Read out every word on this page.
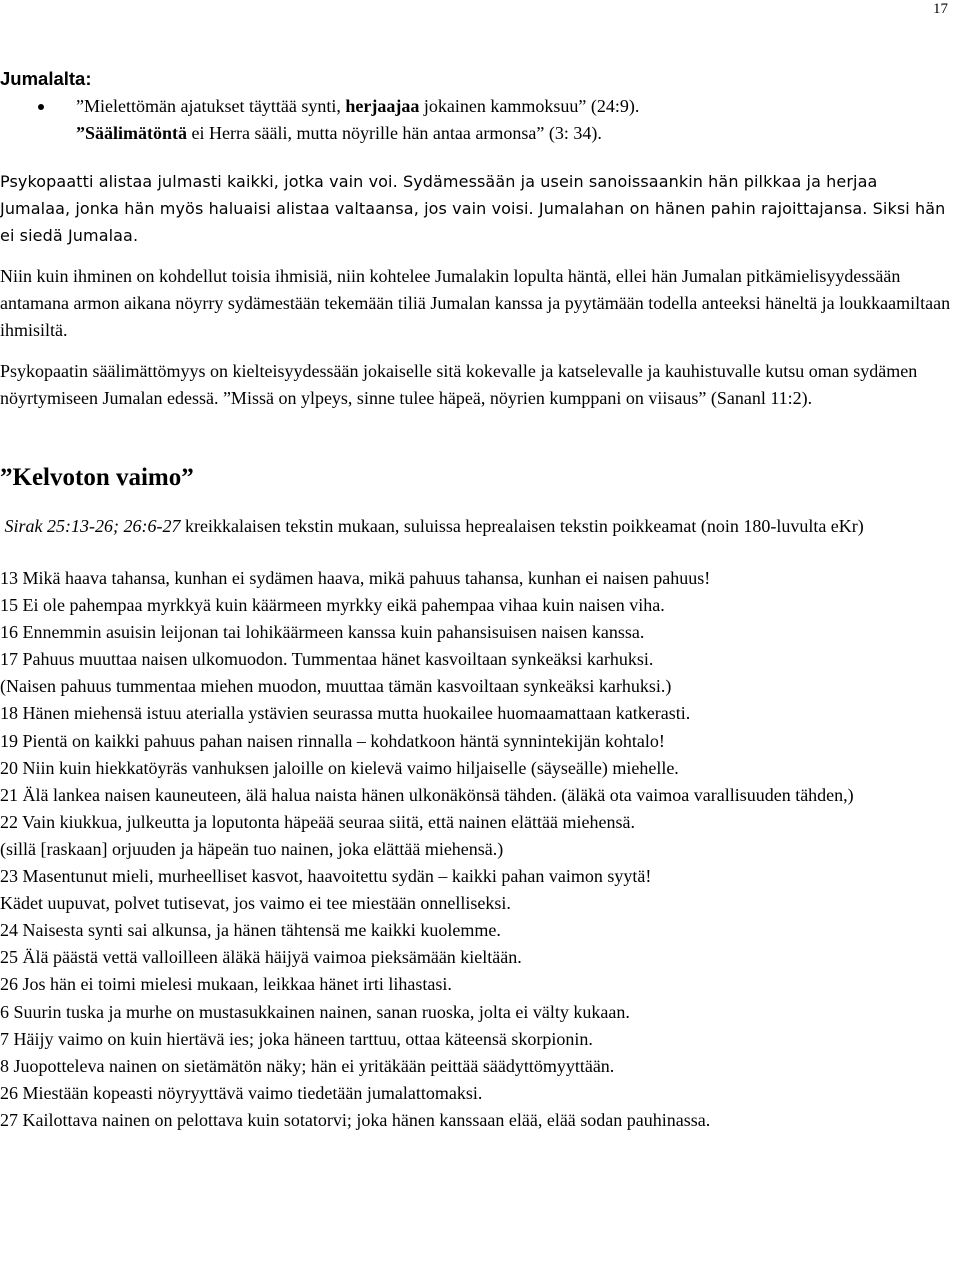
17
Jumalalta:
”Mielettömän ajatukset täyttää synti, herjaajaa jokainen kammoksuu” (24:9).
”Säälimätöntä ei Herra sääli, mutta nöyrille hän antaa armonsa” (3: 34).

Psykopaatti alistaa julmasti kaikki, jotka vain voi. Sydämessään ja usein sanoissaankin hän pilkkaa ja herjaa Jumalaa, jonka hän myös haluaisi alistaa valtaansa, jos vain voisi. Jumalahan on hänen pahin rajoittajansa. Siksi hän ei siedä Jumalaa.

Niin kuin ihminen on kohdellut toisia ihmisiä, niin kohtelee Jumalakin lopulta häntä, ellei hän Jumalan pitkämielisyydessään antamana armon aikana nöyrry sydämestään tekemään tiliä Jumalan kanssa ja pyytämään todella anteeksi häneltä ja loukkaamiltaan ihmisiltä.

Psykopaatin säälimättömyys on kielteisyydessään jokaiselle sitä kokevalle ja katselevalle ja kauhistuvalle kutsu oman sydämen nöyrtymiseen Jumalan edessä. ”Missä on ylpeys, sinne tulee häpeä, nöyrien kumppani on viisaus” (Sananl 11:2).

”Kelvoton vaimo”

Sirak 25:13-26; 26:6-27 kreikkalaisen tekstin mukaan, suluissa heprealaisen tekstin poikkeamat (noin 180-luvulta eKr)

13 Mikä haava tahansa, kunhan ei sydämen haava, mikä pahuus tahansa, kunhan ei naisen pahuus!
15 Ei ole pahempaa myrkkyä kuin käärmeen myrkky eikä pahempaa vihaa kuin naisen viha.
16 Ennemmin asuisin leijonan tai lohikäärmeen kanssa kuin pahansisuisen naisen kanssa.
17 Pahuus muuttaa naisen ulkomuodon. Tummentaa hänet kasvoiltaan synkeäksi karhuksi.
(Naisen pahuus tummentaa miehen muodon, muuttaa tämän kasvoiltaan synkeäksi karhuksi.)
18 Hänen miehensä istuu aterialla ystävien seurassa mutta huokailee huomaamattaan katkerasti.
19 Pientä on kaikki pahuus pahan naisen rinnalla – kohdatkoon häntä synnintekijän kohtalo!
20 Niin kuin hiekkatöyräs vanhuksen jaloille on kielevä vaimo hiljaiselle (säyseälle) miehelle.
21 Älä lankea naisen kauneuteen, älä halua naista hänen ulkonäkönsä tähden. (äläkä ota vaimoa varallisuuden tähden,)
22 Vain kiukkua, julkeutta ja loputonta häpeää seuraa siitä, että nainen elättää miehensä.
(sillä [raskaan] orjuuden ja häpeän tuo nainen, joka elättää miehensä.)
23 Masentunut mieli, murheelliset kasvot, haavoitettu sydän – kaikki pahan vaimon syytä!
Kädet uupuvat, polvet tutisevat, jos vaimo ei tee miestään onnelliseksi.
24 Naisesta synti sai alkunsa, ja hänen tähtensä me kaikki kuolemme.
25 Älä päästä vettä valloilleen äläkä häijyä vaimoa pieksämään kieltään.
26 Jos hän ei toimi mielesi mukaan, leikkaa hänet irti lihastasi.
6 Suurin tuska ja murhe on mustasukkainen nainen, sanan ruoska, jolta ei välty kukaan.
7 Häijy vaimo on kuin hiertävä ies; joka häneen tarttuu, ottaa käteensä skorpionin.
8 Juopotteleva nainen on sietämätön näky; hän ei yritäkään peittää säädyttömyyttään.
26 Miestään kopeasti nöyryyttävä vaimo tiedetään jumalattomaksi.
27 Kailottava nainen on pelottava kuin sotatorvi; joka hänen kanssaan elää, elää sodan pauhinassa.
